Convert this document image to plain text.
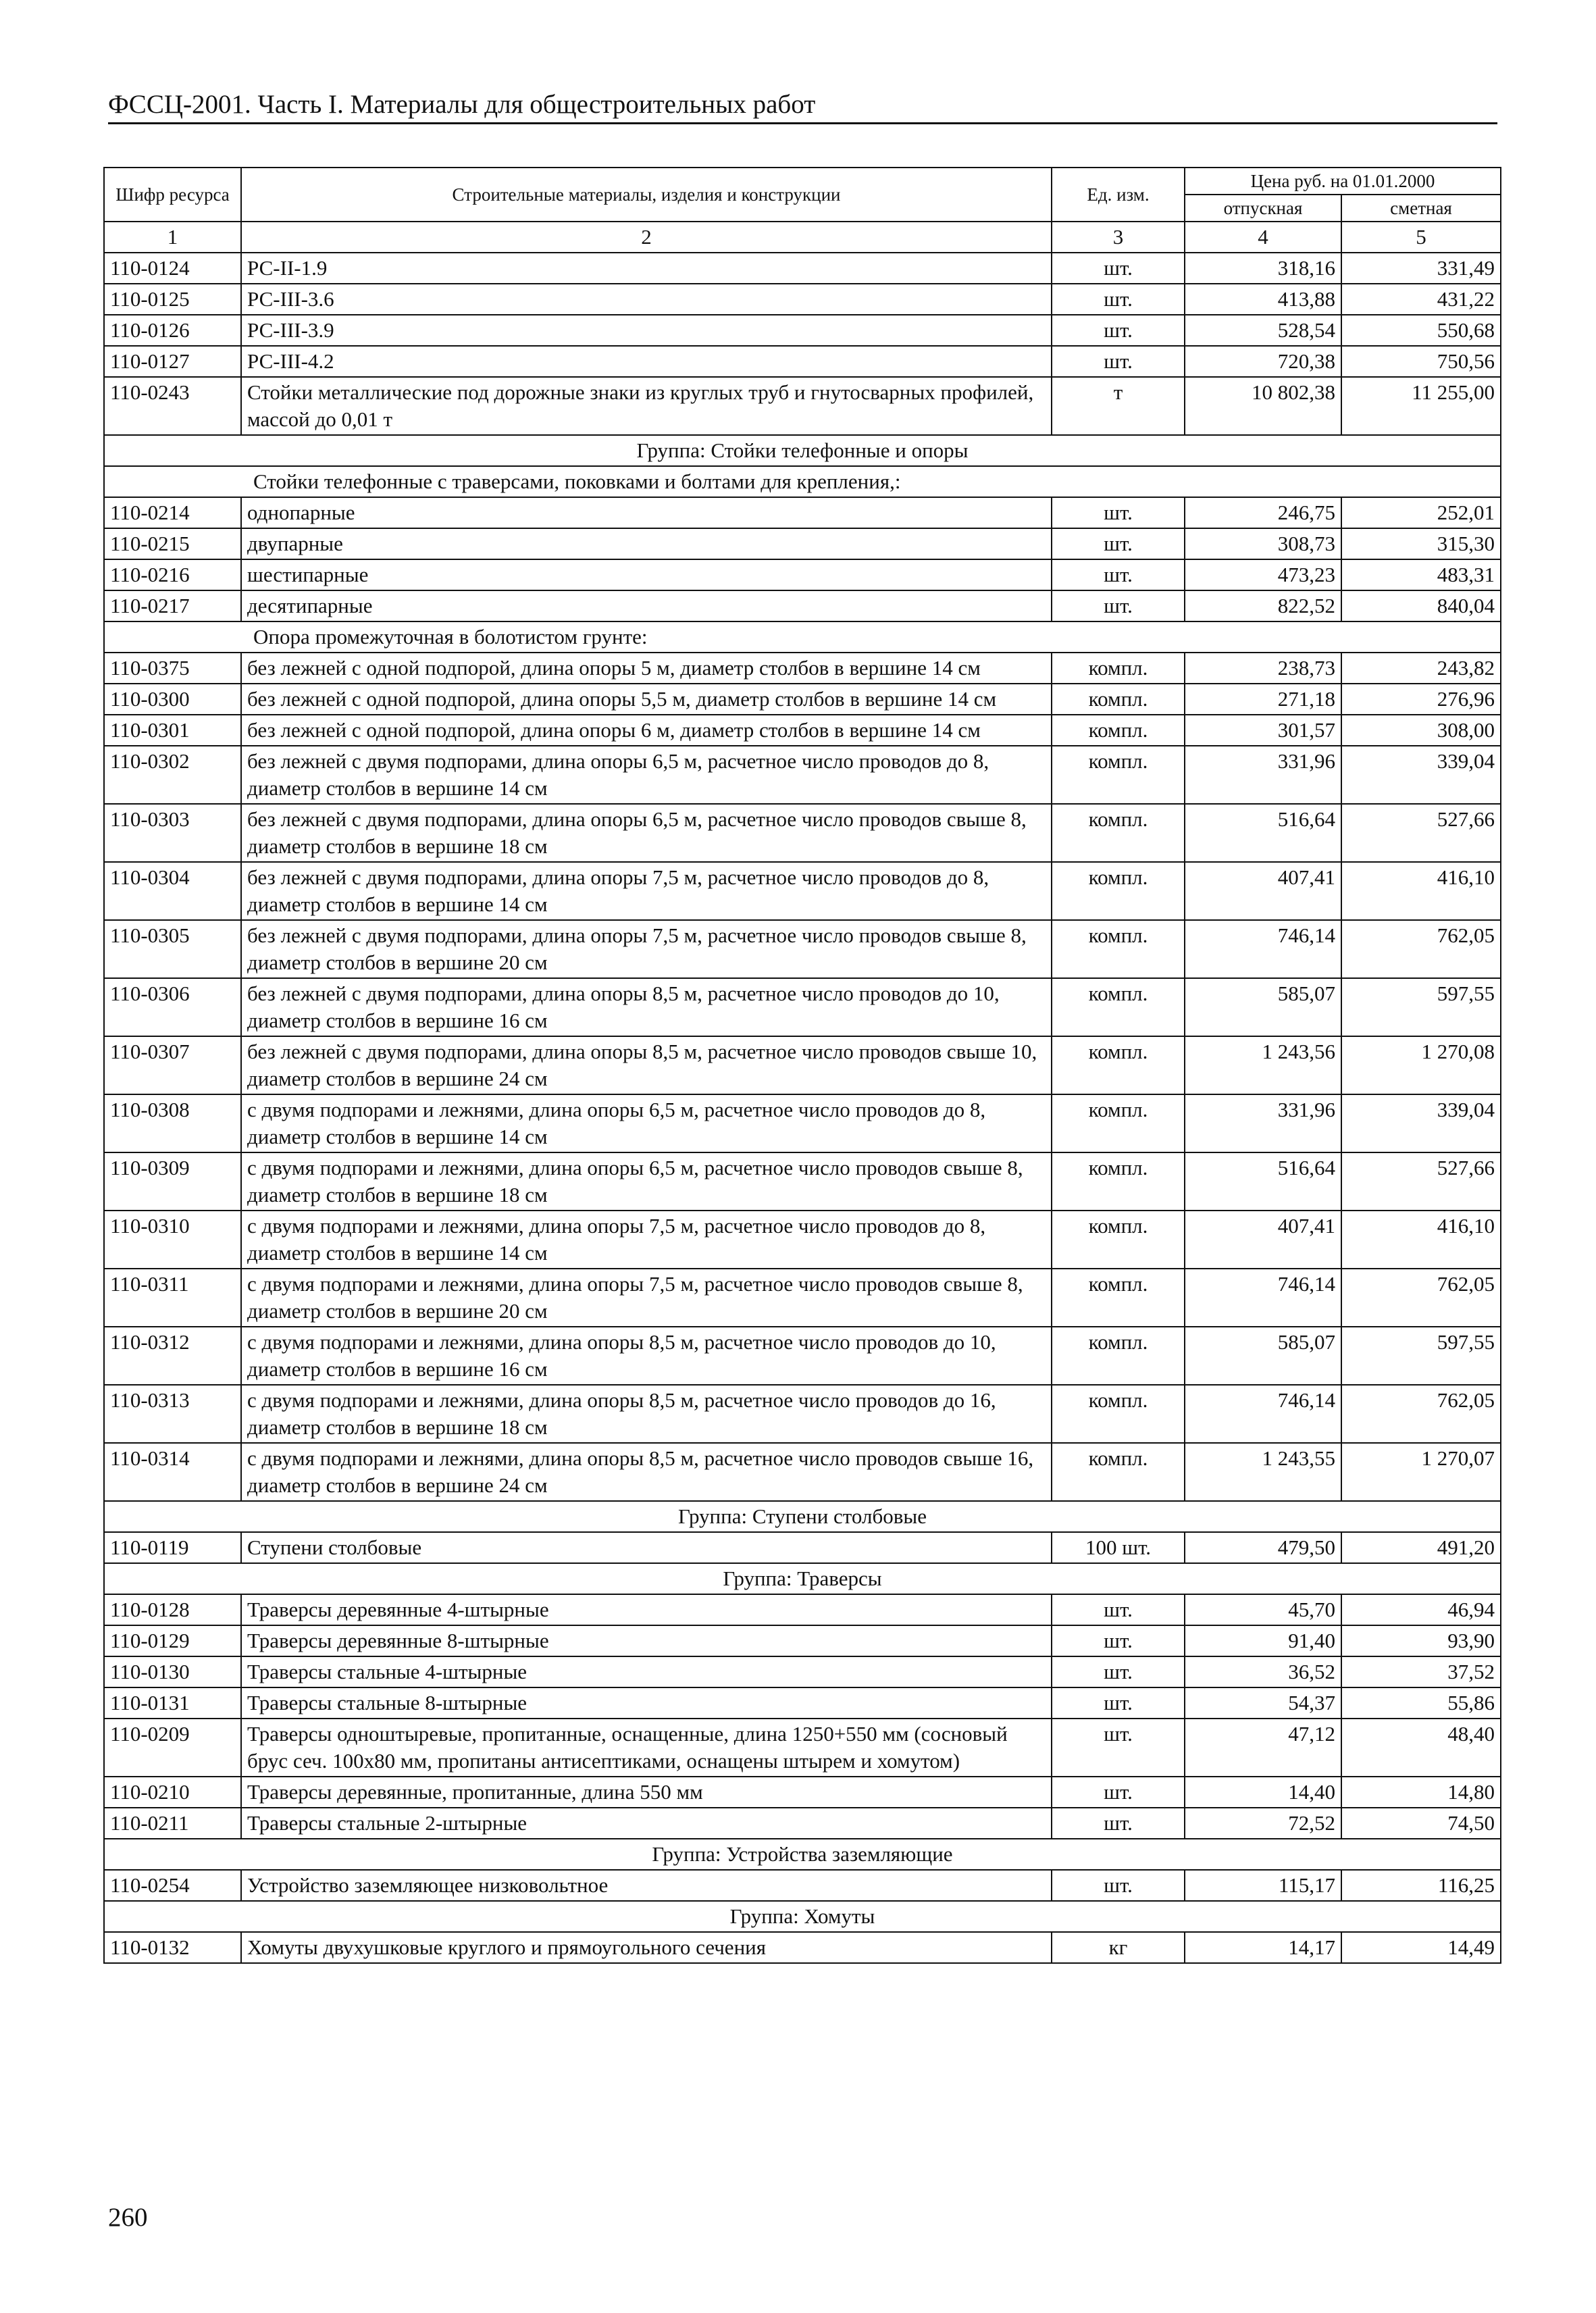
ФССЦ-2001. Часть I. Материалы для общестроительных работ
Шифр ресурса	Строительные материалы, изделия и конструкции	Ед. изм.	Цена руб. на 01.01.2000	
			отпускная	сметная
1	2	3	4	5
110-0124	РС-II-1.9	шт.	318,16	331,49
110-0125	РС-III-3.6	шт.	413,88	431,22
110-0126	РС-III-3.9	шт.	528,54	550,68
110-0127	РС-III-4.2	шт.	720,38	750,56
110-0243	Стойки металлические под дорожные знаки из круглых труб и гнутосварных профилей, массой до 0,01 т	т	10 802,38	11 255,00
Группа: Стойки телефонные и опоры				
Стойки телефонные с траверсами, поковками и болтами для крепления,:				
110-0214	однопарные	шт.	246,75	252,01
110-0215	двупарные	шт.	308,73	315,30
110-0216	шестипарные	шт.	473,23	483,31
110-0217	десятипарные	шт.	822,52	840,04
Опора промежуточная в болотистом грунте:				
110-0375	без лежней с одной подпорой, длина опоры 5 м, диаметр столбов в вершине 14 см	компл.	238,73	243,82
110-0300	без лежней с одной подпорой, длина опоры 5,5 м, диаметр столбов в вершине 14 см	компл.	271,18	276,96
110-0301	без лежней с одной подпорой, длина опоры 6 м, диаметр столбов в вершине 14 см	компл.	301,57	308,00
110-0302	без лежней с двумя подпорами, длина опоры 6,5 м, расчетное число проводов до 8, диаметр столбов в вершине 14 см	компл.	331,96	339,04
110-0303	без лежней с двумя подпорами, длина опоры 6,5 м, расчетное число проводов свыше 8, диаметр столбов в вершине 18 см	компл.	516,64	527,66
110-0304	без лежней с двумя подпорами, длина опоры 7,5 м, расчетное число проводов до 8, диаметр столбов в вершине 14 см	компл.	407,41	416,10
110-0305	без лежней с двумя подпорами, длина опоры 7,5 м, расчетное число проводов свыше 8, диаметр столбов в вершине 20 см	компл.	746,14	762,05
110-0306	без лежней с двумя подпорами, длина опоры 8,5 м, расчетное число проводов до 10, диаметр столбов в вершине 16 см	компл.	585,07	597,55
110-0307	без лежней с двумя подпорами, длина опоры 8,5 м, расчетное число проводов свыше 10, диаметр столбов в вершине 24 см	компл.	1 243,56	1 270,08
110-0308	с двумя подпорами и лежнями, длина опоры 6,5 м, расчетное число проводов до 8, диаметр столбов в вершине 14 см	компл.	331,96	339,04
110-0309	с двумя подпорами и лежнями, длина опоры 6,5 м, расчетное число проводов свыше 8, диаметр столбов в вершине 18 см	компл.	516,64	527,66
110-0310	с двумя подпорами и лежнями, длина опоры 7,5 м, расчетное число проводов до 8, диаметр столбов в вершине 14 см	компл.	407,41	416,10
110-0311	с двумя подпорами и лежнями, длина опоры 7,5 м, расчетное число проводов свыше 8, диаметр столбов в вершине 20 см	компл.	746,14	762,05
110-0312	с двумя подпорами и лежнями, длина опоры 8,5 м, расчетное число проводов до 10, диаметр столбов в вершине 16 см	компл.	585,07	597,55
110-0313	с двумя подпорами и лежнями, длина опоры 8,5 м, расчетное число проводов до 16, диаметр столбов в вершине 18 см	компл.	746,14	762,05
110-0314	с двумя подпорами и лежнями, длина опоры 8,5 м, расчетное число проводов свыше 16, диаметр столбов в вершине 24 см	компл.	1 243,55	1 270,07
Группа: Ступени столбовые				
110-0119	Ступени столбовые	100 шт.	479,50	491,20
Группа: Траверсы				
110-0128	Траверсы деревянные 4-штырные	шт.	45,70	46,94
110-0129	Траверсы деревянные 8-штырные	шт.	91,40	93,90
110-0130	Траверсы стальные 4-штырные	шт.	36,52	37,52
110-0131	Траверсы стальные 8-штырные	шт.	54,37	55,86
110-0209	Траверсы одноштыревые, пропитанные, оснащенные, длина 1250+550 мм (сосновый брус сеч. 100х80 мм, пропитаны антисептиками, оснащены штырем и хомутом)	шт.	47,12	48,40
110-0210	Траверсы деревянные, пропитанные, длина 550 мм	шт.	14,40	14,80
110-0211	Траверсы стальные 2-штырные	шт.	72,52	74,50
Группа: Устройства заземляющие				
110-0254	Устройство заземляющее низковольтное	шт.	115,17	116,25
Группа: Хомуты				
110-0132	Хомуты двухушковые круглого и прямоугольного сечения	кг	14,17	14,49
260
